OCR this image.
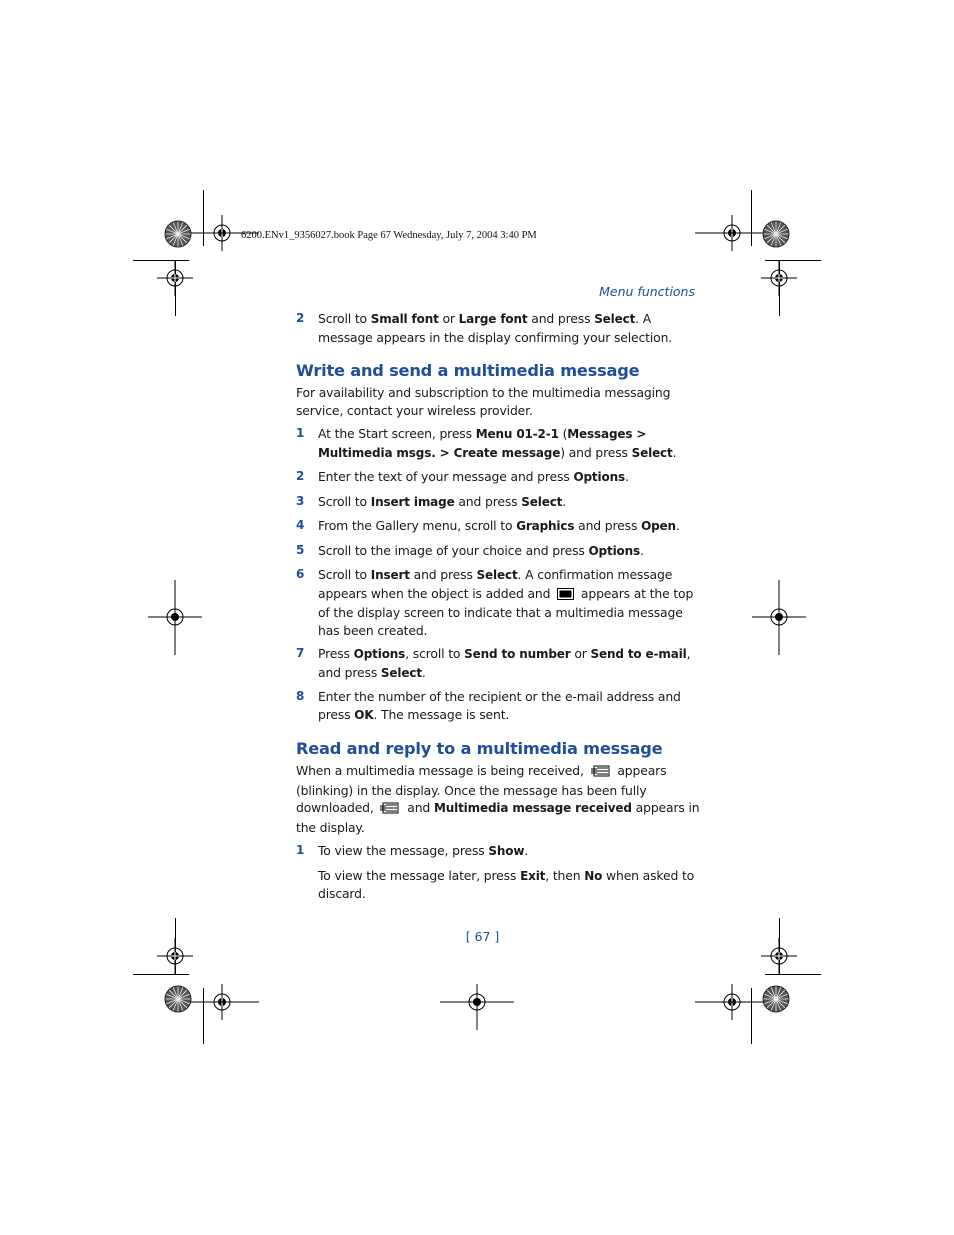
6200.ENv1_9356027.book Page 67 Wednesday, July 7, 2004 3:40 PM
Menu functions
2 Scroll to Small font or Large font and press Select. A message appears in the display confirming your selection.
Write and send a multimedia message

For availability and subscription to the multimedia messaging service, contact your wireless provider.

1 At the Start screen, press Menu 01-2-1 (Messages > Multimedia msgs. > Create message) and press Select.
2 Enter the text of your message and press Options.
3 Scroll to Insert image and press Select.
4 From the Gallery menu, scroll to Graphics and press Open.
5 Scroll to the image of your choice and press Options.
6 Scroll to Insert and press Select. A confirmation message appears when the object is added and  appears at the top of the display screen to indicate that a multimedia message has been created.
7 Press Options, scroll to Send to number or Send to e-mail, and press Select.
8 Enter the number of the recipient or the e-mail address and press OK. The message is sent.
Read and reply to a multimedia message

When a multimedia message is being received,  appears (blinking) in the display. Once the message has been fully downloaded,  and Multimedia message received appears in the display.

1 To view the message, press Show.

To view the message later, press Exit, then No when asked to discard.

[ 67 ]
